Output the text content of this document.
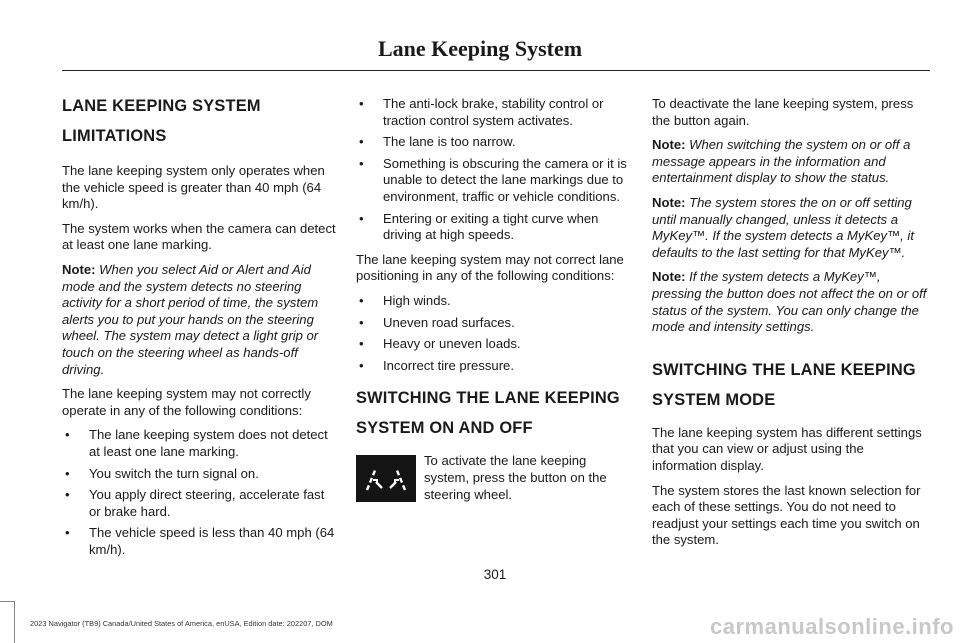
Lane Keeping System
LANE KEEPING SYSTEM
LIMITATIONS

The lane keeping system only operates when the vehicle speed is greater than 40 mph (64 km/h).

The system works when the camera can detect at least one lane marking.

Note: When you select Aid or Alert and Aid mode and the system detects no steering activity for a short period of time, the system alerts you to put your hands on the steering wheel. The system may detect a light grip or touch on the steering wheel as hands-off driving.

The lane keeping system may not correctly operate in any of the following conditions:

• The lane keeping system does not detect at least one lane marking.
• You switch the turn signal on.
• You apply direct steering, accelerate fast or brake hard.
• The vehicle speed is less than 40 mph (64 km/h).
• The anti-lock brake, stability control or traction control system activates.
• The lane is too narrow.
• Something is obscuring the camera or it is unable to detect the lane markings due to environment, traffic or vehicle conditions.
• Entering or exiting a tight curve when driving at high speeds.

The lane keeping system may not correct lane positioning in any of the following conditions:

• High winds.
• Uneven road surfaces.
• Heavy or uneven loads.
• Incorrect tire pressure.
SWITCHING THE LANE KEEPING
SYSTEM ON AND OFF
To activate the lane keeping system, press the button on the steering wheel.

To deactivate the lane keeping system, press the button again.

Note: When switching the system on or off a message appears in the information and entertainment display to show the status.

Note: The system stores the on or off setting until manually changed, unless it detects a MyKey™. If the system detects a MyKey™, it defaults to the last setting for that MyKey™.

Note: If the system detects a MyKey™, pressing the button does not affect the on or off status of the system. You can only change the mode and intensity settings.

SWITCHING THE LANE KEEPING
SYSTEM MODE

The lane keeping system has different settings that you can view or adjust using the information display.

The system stores the last known selection for each of these settings. You do not need to readjust your settings each time you switch on the system.

301
2023 Navigator (TB9) Canada/United States of America, enUSA, Edition date: 202207, DOM	carmanualsonline.info
